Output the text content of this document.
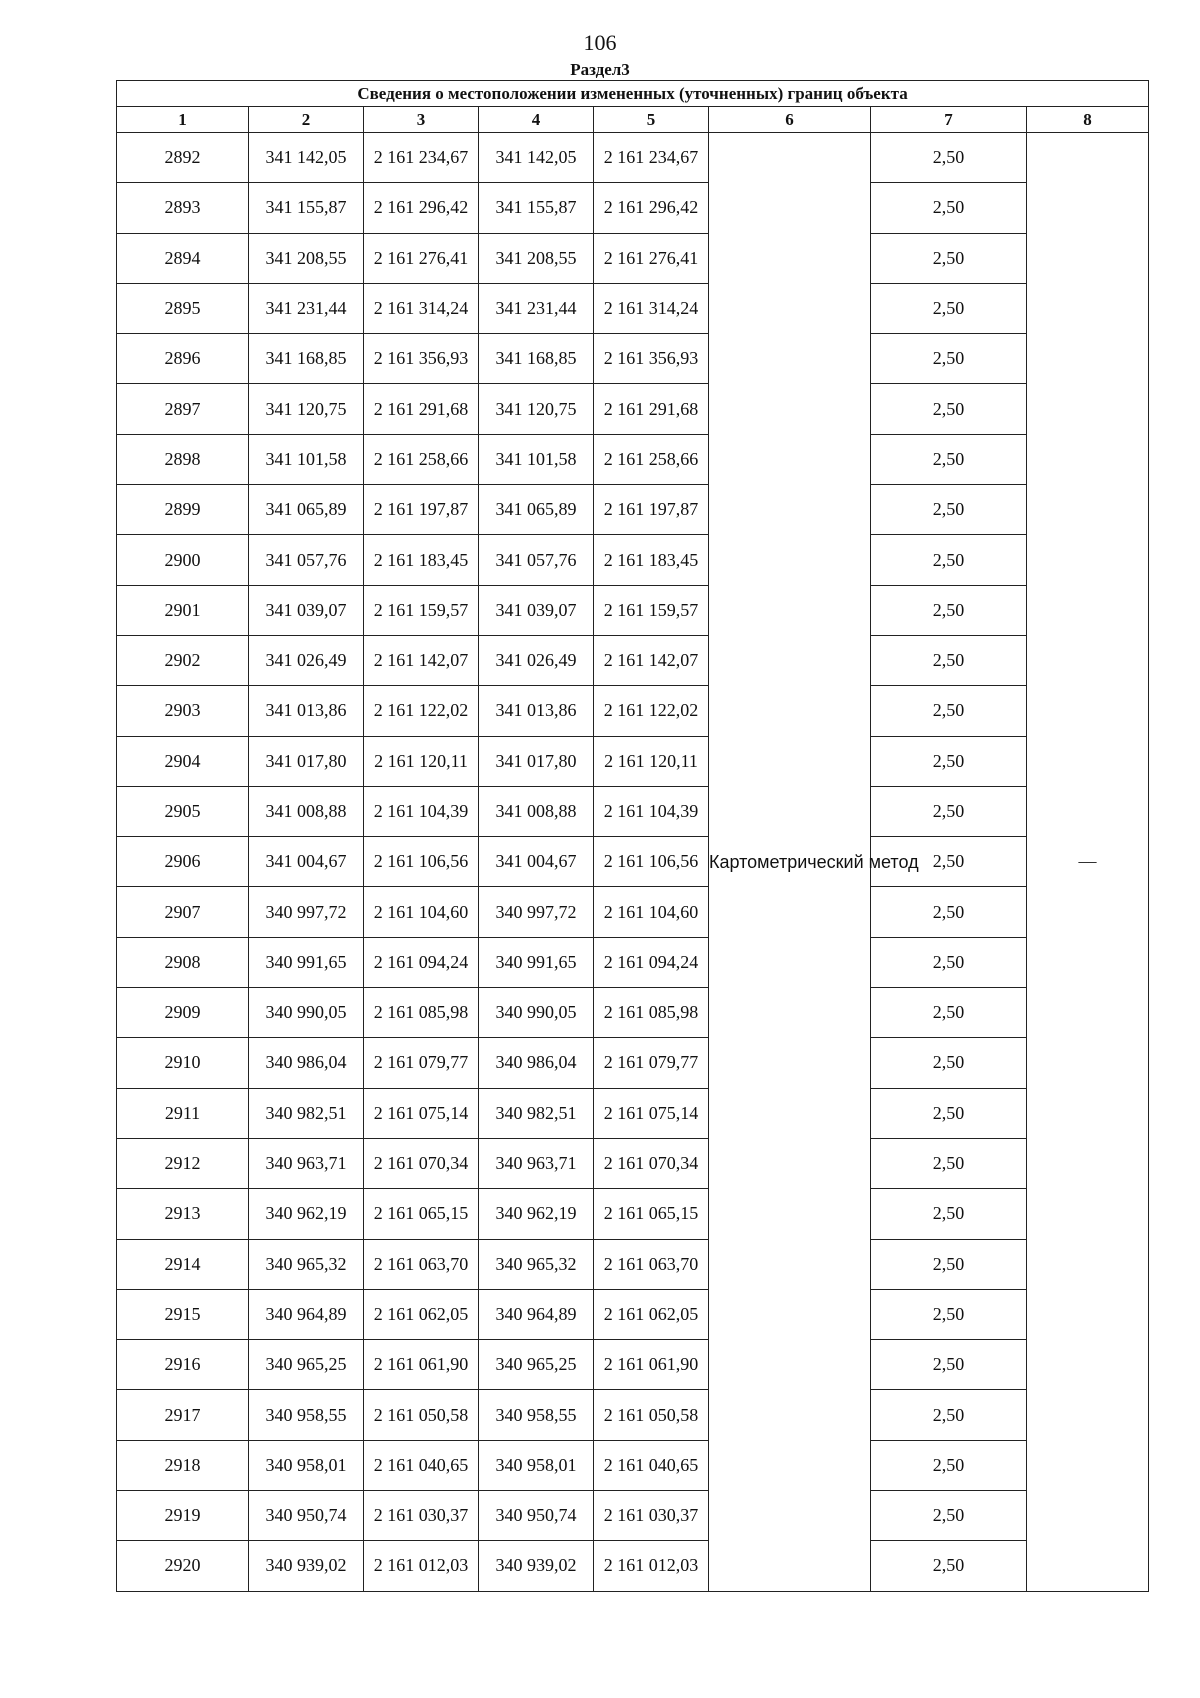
106
Раздел3
Сведения о местоположении измененных (уточненных) границ объекта							
1	2	3	4	5	6	7	8
2892	341 142,05	2 161 234,67	341 142,05	2 161 234,67	Картометрический метод	2,50	—
2893	341 155,87	2 161 296,42	341 155,87	2 161 296,42		2,50	
2894	341 208,55	2 161 276,41	341 208,55	2 161 276,41		2,50	
2895	341 231,44	2 161 314,24	341 231,44	2 161 314,24		2,50	
2896	341 168,85	2 161 356,93	341 168,85	2 161 356,93		2,50	
2897	341 120,75	2 161 291,68	341 120,75	2 161 291,68		2,50	
2898	341 101,58	2 161 258,66	341 101,58	2 161 258,66		2,50	
2899	341 065,89	2 161 197,87	341 065,89	2 161 197,87		2,50	
2900	341 057,76	2 161 183,45	341 057,76	2 161 183,45		2,50	
2901	341 039,07	2 161 159,57	341 039,07	2 161 159,57		2,50	
2902	341 026,49	2 161 142,07	341 026,49	2 161 142,07		2,50	
2903	341 013,86	2 161 122,02	341 013,86	2 161 122,02		2,50	
2904	341 017,80	2 161 120,11	341 017,80	2 161 120,11		2,50	
2905	341 008,88	2 161 104,39	341 008,88	2 161 104,39		2,50	
2906	341 004,67	2 161 106,56	341 004,67	2 161 106,56		2,50	
2907	340 997,72	2 161 104,60	340 997,72	2 161 104,60		2,50	
2908	340 991,65	2 161 094,24	340 991,65	2 161 094,24		2,50	
2909	340 990,05	2 161 085,98	340 990,05	2 161 085,98		2,50	
2910	340 986,04	2 161 079,77	340 986,04	2 161 079,77		2,50	
2911	340 982,51	2 161 075,14	340 982,51	2 161 075,14		2,50	
2912	340 963,71	2 161 070,34	340 963,71	2 161 070,34		2,50	
2913	340 962,19	2 161 065,15	340 962,19	2 161 065,15		2,50	
2914	340 965,32	2 161 063,70	340 965,32	2 161 063,70		2,50	
2915	340 964,89	2 161 062,05	340 964,89	2 161 062,05		2,50	
2916	340 965,25	2 161 061,90	340 965,25	2 161 061,90		2,50	
2917	340 958,55	2 161 050,58	340 958,55	2 161 050,58		2,50	
2918	340 958,01	2 161 040,65	340 958,01	2 161 040,65		2,50	
2919	340 950,74	2 161 030,37	340 950,74	2 161 030,37		2,50	
2920	340 939,02	2 161 012,03	340 939,02	2 161 012,03		2,50	
